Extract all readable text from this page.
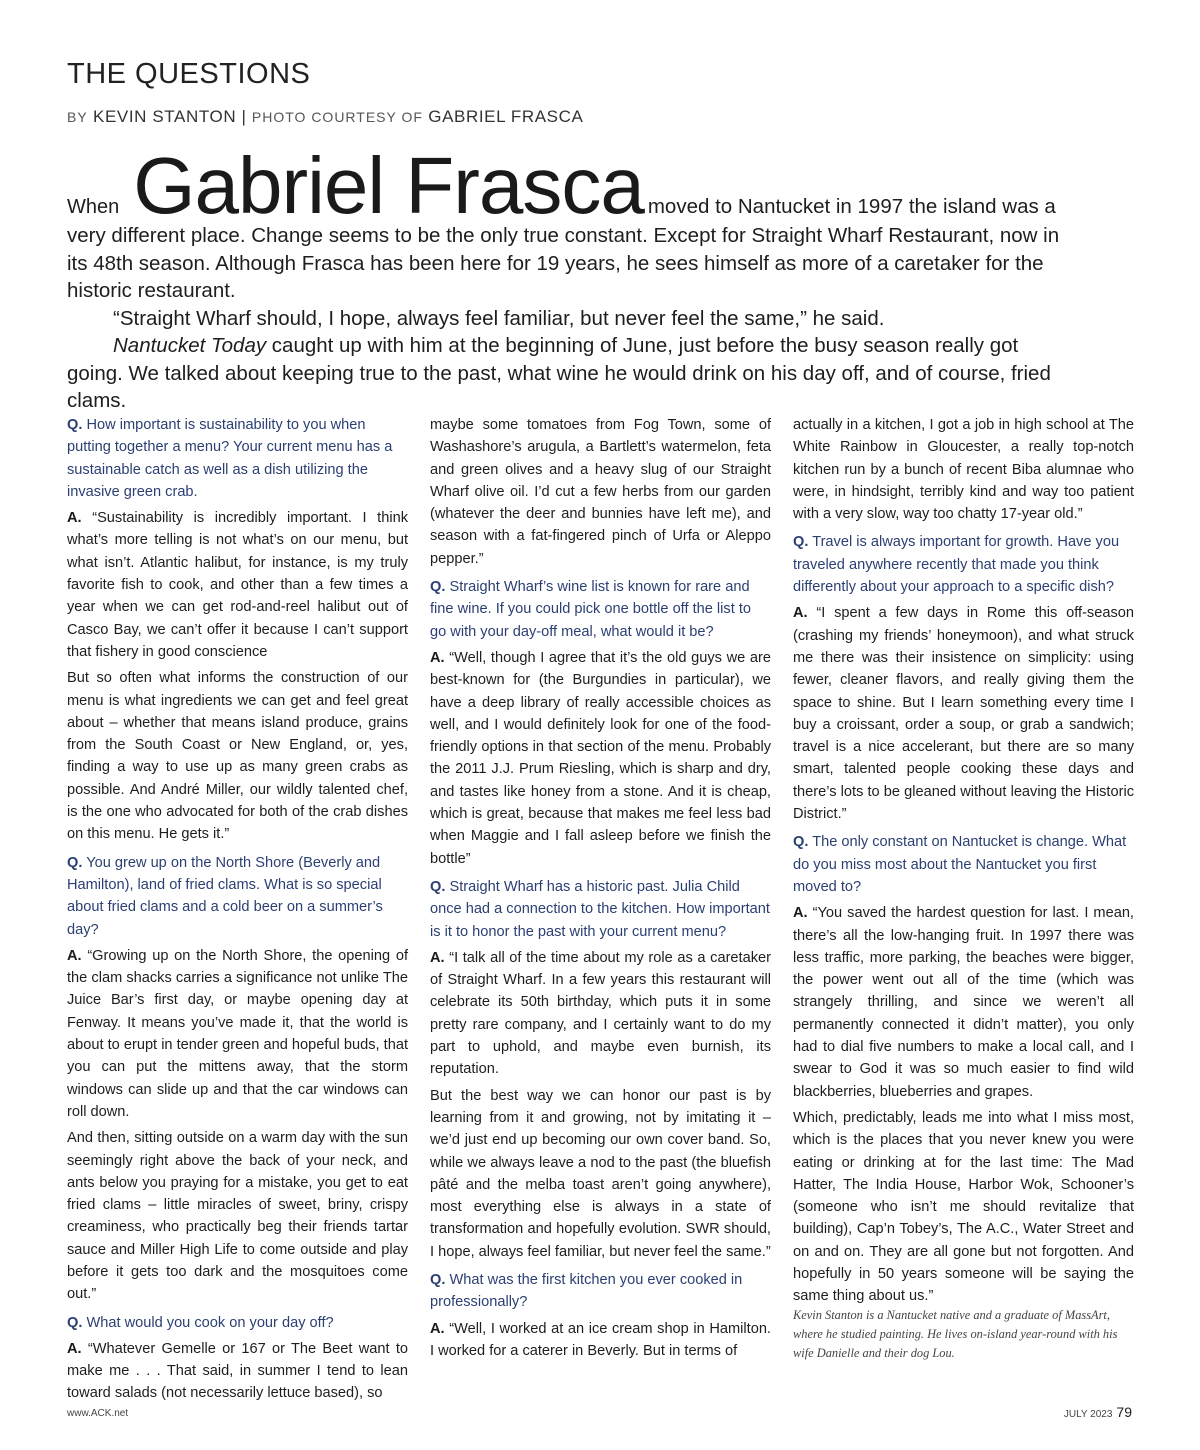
THE QUESTIONS
BY KEVIN STANTON | PHOTO COURTESY OF GABRIEL FRASCA

When Gabriel Frasca moved to Nantucket in 1997 the island was a very different place. Change seems to be the only true constant. Except for Straight Wharf Restaurant, now in its 48th season. Although Frasca has been here for 19 years, he sees himself as more of a caretaker for the historic restaurant.

“Straight Wharf should, I hope, always feel familiar, but never feel the same,” he said.

Nantucket Today caught up with him at the beginning of June, just before the busy season really got going. We talked about keeping true to the past, what wine he would drink on his day off, and of course, fried clams.

Q. How important is sustainability to you when putting together a menu? Your current menu has a sustainable catch as well as a dish utilizing the invasive green crab.

A. “Sustainability is incredibly important. I think what’s more telling is not what’s on our menu, but what isn’t. Atlantic halibut, for instance, is my truly favorite fish to cook, and other than a few times a year when we can get rod-and-reel halibut out of Casco Bay, we can’t offer it because I can’t support that fishery in good conscience

But so often what informs the construction of our menu is what ingredients we can get and feel great about – whether that means island produce, grains from the South Coast or New England, or, yes, finding a way to use up as many green crabs as possible. And André Miller, our wildly talented chef, is the one who advocated for both of the crab dishes on this menu. He gets it.”

Q. You grew up on the North Shore (Beverly and Hamilton), land of fried clams. What is so special about fried clams and a cold beer on a summer’s day?

A. “Growing up on the North Shore, the opening of the clam shacks carries a significance not unlike The Juice Bar’s first day, or maybe opening day at Fenway. It means you’ve made it, that the world is about to erupt in tender green and hopeful buds, that you can put the mittens away, that the storm windows can slide up and that the car windows can roll down.

And then, sitting outside on a warm day with the sun seemingly right above the back of your neck, and ants below you praying for a mistake, you get to eat fried clams – little miracles of sweet, briny, crispy creaminess, who practically beg their friends tartar sauce and Miller High Life to come outside and play before it gets too dark and the mosquitoes come out.”

Q. What would you cook on your day off?

A. “Whatever Gemelle or 167 or The Beet want to make me . . . That said, in summer I tend to lean toward salads (not necessarily lettuce based), so

maybe some tomatoes from Fog Town, some of Washashore’s arugula, a Bartlett’s watermelon, feta and green olives and a heavy slug of our Straight Wharf olive oil. I’d cut a few herbs from our garden (whatever the deer and bunnies have left me), and season with a fat-fingered pinch of Urfa or Aleppo pepper.”

Q. Straight Wharf’s wine list is known for rare and fine wine. If you could pick one bottle off the list to go with your day-off meal, what would it be?

A. “Well, though I agree that it’s the old guys we are best-known for (the Burgundies in particular), we have a deep library of really accessible choices as well, and I would definitely look for one of the food-friendly options in that section of the menu. Probably the 2011 J.J. Prum Riesling, which is sharp and dry, and tastes like honey from a stone. And it is cheap, which is great, because that makes me feel less bad when Maggie and I fall asleep before we finish the bottle”

Q. Straight Wharf has a historic past. Julia Child once had a connection to the kitchen. How important is it to honor the past with your current menu?

A. “I talk all of the time about my role as a caretaker of Straight Wharf. In a few years this restaurant will celebrate its 50th birthday, which puts it in some pretty rare company, and I certainly want to do my part to uphold, and maybe even burnish, its reputation.

But the best way we can honor our past is by learning from it and growing, not by imitating it – we’d just end up becoming our own cover band. So, while we always leave a nod to the past (the bluefish pâté and the melba toast aren’t going anywhere), most everything else is always in a state of transformation and hopefully evolution. SWR should, I hope, always feel familiar, but never feel the same.”

Q. What was the first kitchen you ever cooked in professionally?

A. “Well, I worked at an ice cream shop in Hamilton. I worked for a caterer in Beverly. But in terms of

actually in a kitchen, I got a job in high school at The White Rainbow in Gloucester, a really top-notch kitchen run by a bunch of recent Biba alumnae who were, in hindsight, terribly kind and way too patient with a very slow, way too chatty 17-year old.”

Q. Travel is always important for growth. Have you traveled anywhere recently that made you think differently about your approach to a specific dish?

A. “I spent a few days in Rome this off-season (crashing my friends’ honeymoon), and what struck me there was their insistence on simplicity: using fewer, cleaner flavors, and really giving them the space to shine. But I learn something every time I buy a croissant, order a soup, or grab a sandwich; travel is a nice accelerant, but there are so many smart, talented people cooking these days and there’s lots to be gleaned without leaving the Historic District.”

Q. The only constant on Nantucket is change. What do you miss most about the Nantucket you first moved to?

A. “You saved the hardest question for last. I mean, there’s all the low-hanging fruit. In 1997 there was less traffic, more parking, the beaches were bigger, the power went out all of the time (which was strangely thrilling, and since we weren’t all permanently connected it didn’t matter), you only had to dial five numbers to make a local call, and I swear to God it was so much easier to find wild blackberries, blueberries and grapes.

Which, predictably, leads me into what I miss most, which is the places that you never knew you were eating or drinking at for the last time: The Mad Hatter, The India House, Harbor Wok, Schooner’s (someone who isn’t me should revitalize that building), Cap’n Tobey’s, The A.C., Water Street and on and on. They are all gone but not forgotten. And hopefully in 50 years someone will be saying the same thing about us.”

Kevin Stanton is a Nantucket native and a graduate of MassArt, where he studied painting. He lives on-island year-round with his wife Danielle and their dog Lou.
www.ACK.net	JULY 2023 79
